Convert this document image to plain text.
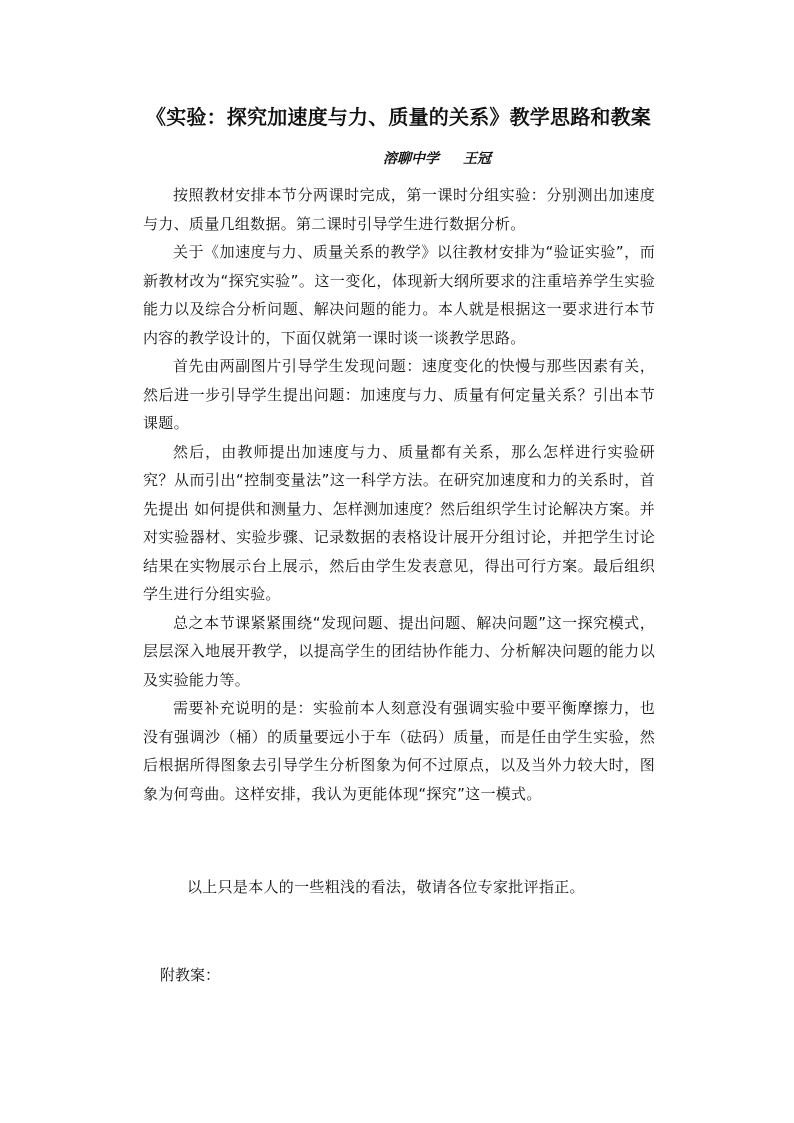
《实验：探究加速度与力、质量的关系》教学思路和教案
溶聊中学 王冠

按照教材安排本节分两课时完成，第一课时分组实验：分别测出加速度与力、质量几组数据。第二课时引导学生进行数据分析。

关于《加速度与力、质量关系的教学》以往教材安排为“验证实验”，而新教材改为“探究实验”。这一变化，体现新大纲所要求的注重培养学生实验能力以及综合分析问题、解决问题的能力。本人就是根据这一要求进行本节内容的教学设计的，下面仅就第一课时谈一谈教学思路。

首先由两副图片引导学生发现问题：速度变化的快慢与那些因素有关，然后进一步引导学生提出问题：加速度与力、质量有何定量关系？引出本节课题。

然后，由教师提出加速度与力、质量都有关系，那么怎样进行实验研究？从而引出“控制变量法”这一科学方法。在研究加速度和力的关系时，首先提出 如何提供和测量力、怎样测加速度？然后组织学生讨论解决方案。并对实验器材、实验步骤、记录数据的表格设计展开分组讨论，并把学生讨论结果在实物展示台上展示，然后由学生发表意见，得出可行方案。最后组织学生进行分组实验。

总之本节课紧紧围绕“发现问题、提出问题、解决问题”这一探究模式，层层深入地展开教学，以提高学生的团结协作能力、分析解决问题的能力以及实验能力等。

需要补充说明的是：实验前本人刻意没有强调实验中要平衡摩擦力，也没有强调沙（桶）的质量要远小于车（砝码）质量，而是任由学生实验，然后根据所得图象去引导学生分析图象为何不过原点，以及当外力较大时，图象为何弯曲。这样安排，我认为更能体现“探究”这一模式。

以上只是本人的一些粗浅的看法，敬请各位专家批评指正。

附教案：
